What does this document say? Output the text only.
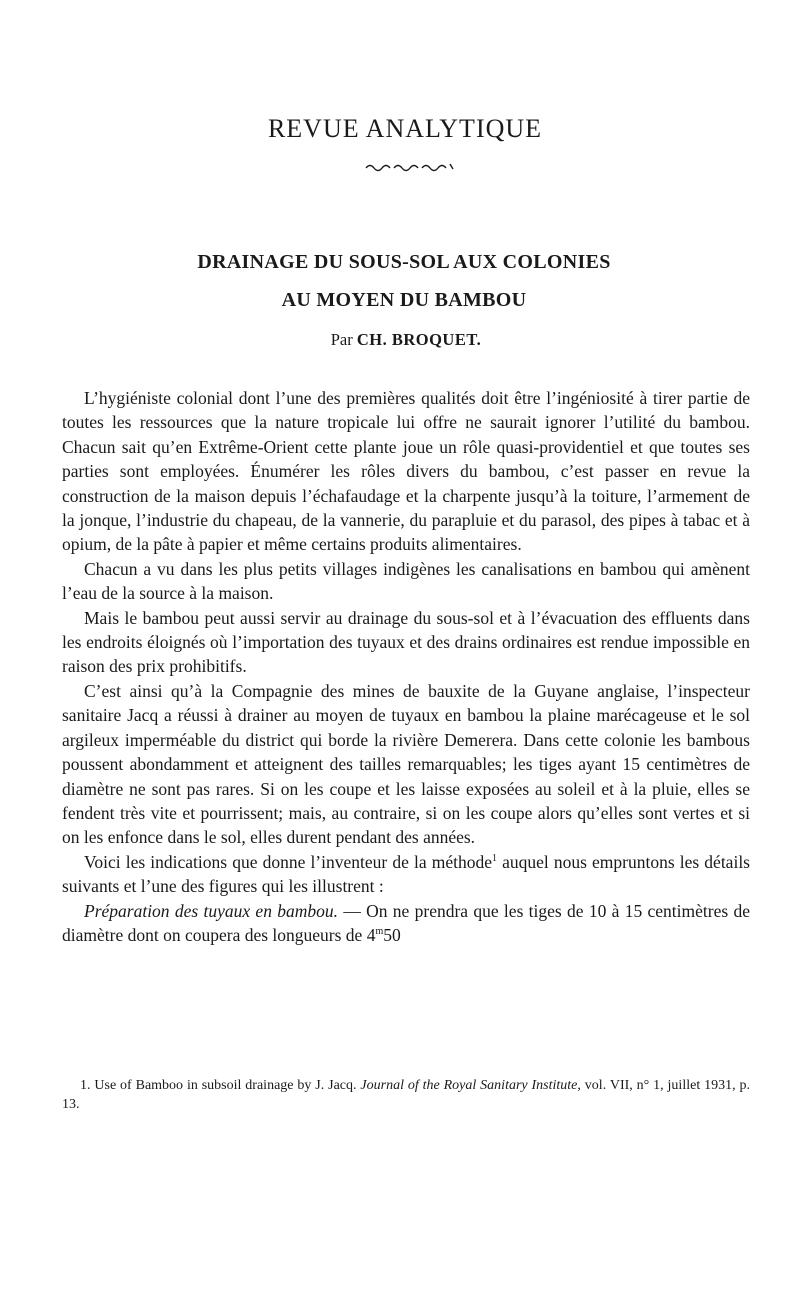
REVUE ANALYTIQUE
DRAINAGE DU SOUS-SOL AUX COLONIES
AU MOYEN DU BAMBOU
Par CH. BROQUET.

L’hygiéniste colonial dont l’une des premières qualités doit être l’ingéniosité à tirer partie de toutes les ressources que la nature tropicale lui offre ne saurait ignorer l’utilité du bambou. Chacun sait qu’en Extrême-Orient cette plante joue un rôle quasi-providentiel et que toutes ses parties sont employées. Énumérer les rôles divers du bambou, c’est passer en revue la construction de la maison depuis l’échafaudage et la charpente jusqu’à la toiture, l’armement de la jonque, l’industrie du chapeau, de la vannerie, du parapluie et du parasol, des pipes à tabac et à opium, de la pâte à papier et même certains produits alimentaires.

Chacun a vu dans les plus petits villages indigènes les canalisations en bambou qui amènent l’eau de la source à la maison.

Mais le bambou peut aussi servir au drainage du sous-sol et à l’évacuation des effluents dans les endroits éloignés où l’importation des tuyaux et des drains ordinaires est rendue impossible en raison des prix prohibitifs.

C’est ainsi qu’à la Compagnie des mines de bauxite de la Guyane anglaise, l’inspecteur sanitaire Jacq a réussi à drainer au moyen de tuyaux en bambou la plaine marécageuse et le sol argileux imperméable du district qui borde la rivière Demerera. Dans cette colonie les bambous poussent abondamment et atteignent des tailles remarquables; les tiges ayant 15 centimètres de diamètre ne sont pas rares. Si on les coupe et les laisse exposées au soleil et à la pluie, elles se fendent très vite et pourrissent; mais, au contraire, si on les coupe alors qu’elles sont vertes et si on les enfonce dans le sol, elles durent pendant des années.

Voici les indications que donne l’inventeur de la méthode$^1$ auquel nous empruntons les détails suivants et l’une des figures qui les illustrent :

Préparation des tuyaux en bambou. — On ne prendra que les tiges de 10 à 15 centimètres de diamètre dont on coupera des longueurs de 4$^m$50

1. Use of Bamboo in subsoil drainage by J. Jacq. Journal of the Royal Sanitary Institute, vol. VII, n° 1, juillet 1931, p. 13.
